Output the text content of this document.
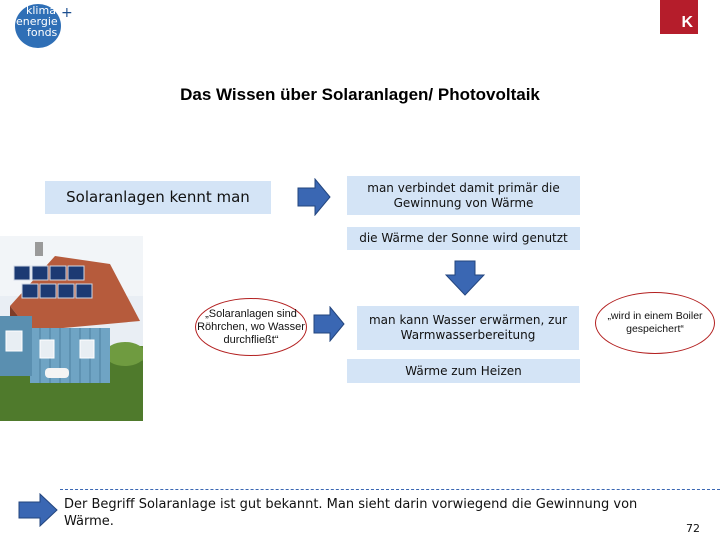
klima
energie
fonds
+
K
Das Wissen über Solaranlagen/ Photovoltaik
Solaranlagen kennt man
man verbindet damit primär die Gewinnung von Wärme
die Wärme der Sonne wird genutzt
„Solaranlagen sind Röhrchen, wo Wasser durchfließt“
man kann Wasser erwärmen, zur Warmwasserbereitung
„wird in einem Boiler gespeichert“
Wärme zum Heizen
Der Begriff Solaranlage ist gut bekannt. Man sieht darin vorwiegend die Gewinnung von Wärme.	72
